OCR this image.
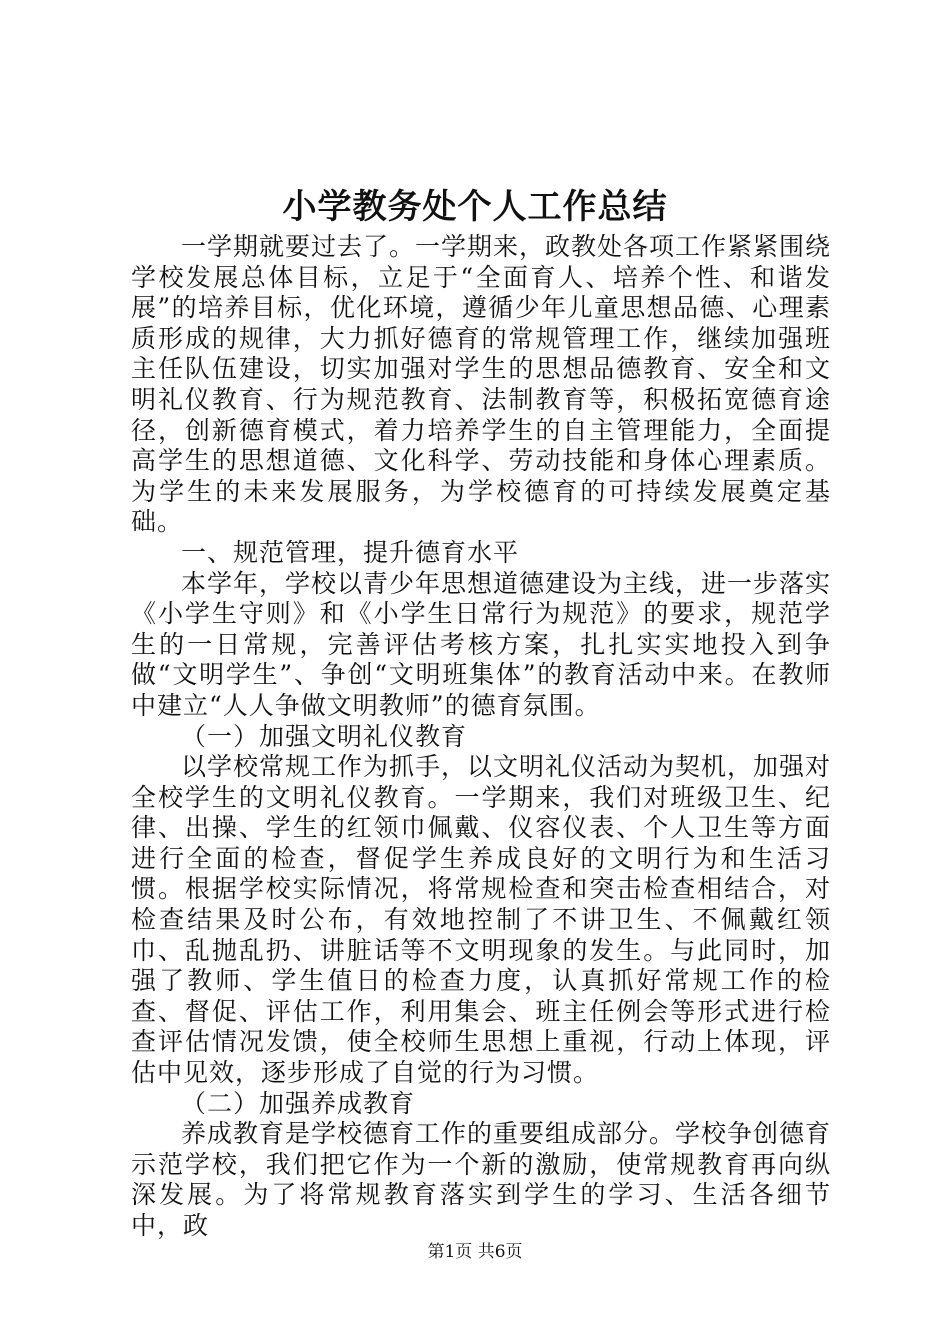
小学教务处个人工作总结

一学期就要过去了。一学期来，政教处各项工作紧紧围绕学校发展总体目标，立足于“全面育人、培养个性、和谐发展”的培养目标，优化环境，遵循少年儿童思想品德、心理素质形成的规律，大力抓好德育的常规管理工作，继续加强班主任队伍建设，切实加强对学生的思想品德教育、安全和文明礼仪教育、行为规范教育、法制教育等，积极拓宽德育途径，创新德育模式，着力培养学生的自主管理能力，全面提高学生的思想道德、文化科学、劳动技能和身体心理素质。为学生的未来发展服务，为学校德育的可持续发展奠定基础。

一、规范管理，提升德育水平

本学年，学校以青少年思想道德建设为主线，进一步落实《小学生守则》和《小学生日常行为规范》的要求，规范学生的一日常规，完善评估考核方案，扎扎实实地投入到争做“文明学生”、争创“文明班集体”的教育活动中来。在教师中建立“人人争做文明教师”的德育氛围。

（一）加强文明礼仪教育

以学校常规工作为抓手，以文明礼仪活动为契机，加强对全校学生的文明礼仪教育。一学期来，我们对班级卫生、纪律、出操、学生的红领巾佩戴、仪容仪表、个人卫生等方面进行全面的检查，督促学生养成良好的文明行为和生活习惯。根据学校实际情况，将常规检查和突击检查相结合，对检查结果及时公布，有效地控制了不讲卫生、不佩戴红领巾、乱抛乱扔、讲脏话等不文明现象的发生。与此同时，加强了教师、学生值日的检查力度，认真抓好常规工作的检查、督促、评估工作，利用集会、班主任例会等形式进行检查评估情况发馈，使全校师生思想上重视，行动上体现，评估中见效，逐步形成了自觉的行为习惯。

（二）加强养成教育

养成教育是学校德育工作的重要组成部分。学校争创德育示范学校，我们把它作为一个新的激励，使常规教育再向纵深发展。为了将常规教育落实到学生的学习、生活各细节中，政

第1页 共6页
